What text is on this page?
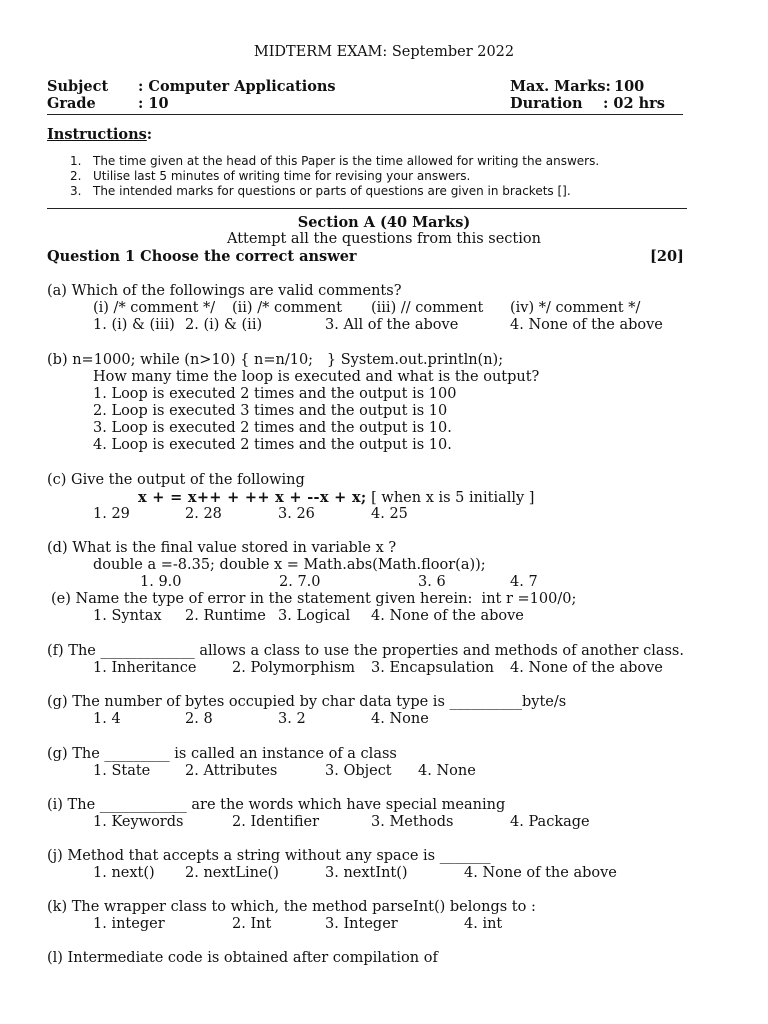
MIDTERM EXAM: September 2022
Subject : Computer Applications	Max. Marks: 100
Grade	: 10	Duration : 02 hrs
Instructions:
1. The time given at the head of this Paper is the time allowed for writing the answers.
2. Utilise last 5 minutes of writing time for revising your answers.
3. The intended marks for questions or parts of questions are given in brackets [].
Section A (40 Marks)
Attempt all the questions from this section
Question 1 Choose the correct answer	[20]
(a) Which of the followings are valid comments?
(i) /* comment */ (ii) /* comment (iii) // comment (iv) */ comment */
1. (i) & (iii) 2. (i) & (ii)	3. All of the above	4. None of the above
(b) n=1000; while (n>10) { n=n/10;   } System.out.println(n);
How many time the loop is executed and what is the output?
1. Loop is executed 2 times and the output is 100
2. Loop is executed 3 times and the output is 10
3. Loop is executed 2 times and the output is 10.
4. Loop is executed 2 times and the output is 10.
(c) Give the output of the following
x + = x++ + ++ x + --x + x; [ when x is 5 initially ]
1. 29	2. 28	3. 26	4. 25
(d) What is the final value stored in variable x ?
double a =-8.35; double x = Math.abs(Math.floor(a));
1. 9.0	2. 7.0	3. 6	4. 7
(e) Name the type of error in the statement given herein:  int r =100/0;
1. Syntax 2. Runtime 3. Logical 4. None of the above
(f) The _____________ allows a class to use the properties and methods of another class.
1. Inheritance 2. Polymorphism 3. Encapsulation 4. None of the above
(g) The number of bytes occupied by char data type is __________byte/s
1. 4	2. 8	3. 2	4. None
(g) The _________ is called an instance of a class
1. State 2. Attributes	3. Object 4. None
(i) The ____________ are the words which have special meaning
1. Keywords	2. Identifier	3. Methods	4. Package
(j) Method that accepts a string without any space is _______
1. next() 2. nextLine()	3. nextInt()	4. None of the above
(k) The wrapper class to which, the method parseInt() belongs to :
1. integer	2. Int	3. Integer	4. int
(l) Intermediate code is obtained after compilation of
